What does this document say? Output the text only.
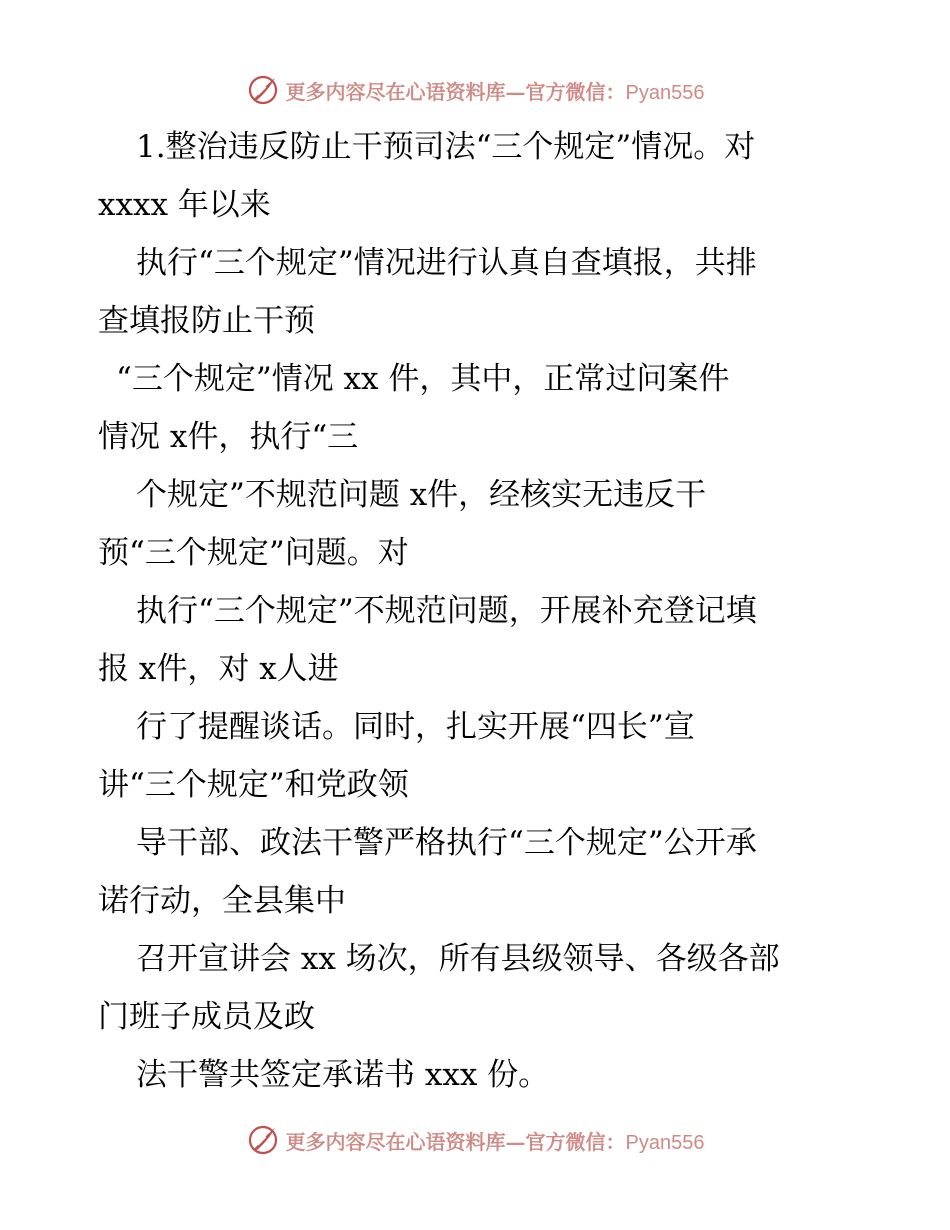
更多内容尽在心语资料库—官方微信：Pyan556
1.整治违反防止干预司法“三个规定”情况。对
xxxx 年以来
执行“三个规定”情况进行认真自查填报，共排
查填报防止干预
“三个规定”情况 xx 件，其中，正常过问案件
情况 x件，执行“三
个规定”不规范问题 x件，经核实无违反干
预“三个规定”问题。对
执行“三个规定”不规范问题，开展补充登记填
报 x件，对 x人进
行了提醒谈话。同时，扎实开展“四长”宣
讲“三个规定”和党政领
导干部、政法干警严格执行“三个规定”公开承
诺行动，全县集中
召开宣讲会 xx 场次，所有县级领导、各级各部
门班子成员及政
法干警共签定承诺书 xxx 份。
更多内容尽在心语资料库—官方微信：Pyan556
